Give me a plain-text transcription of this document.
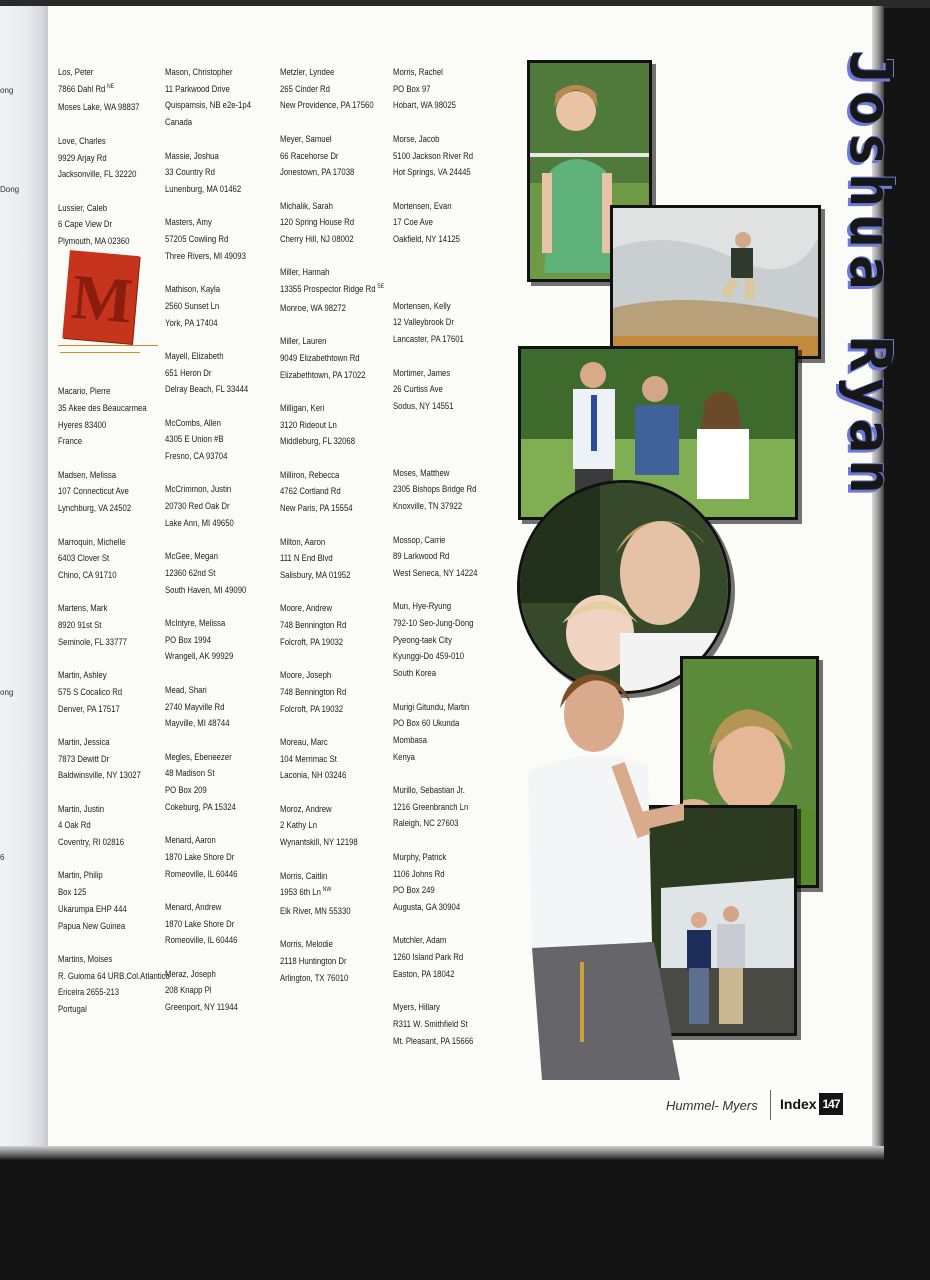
ong
Dong
ong
6
Los, Peter
7866 Dahl Rd $^{NE}$
Moses Lake, WA 98837
Love, Charles
9929 Arjay Rd
Jacksonville, FL 32220
Lussier, Caleb
6 Cape View Dr
Plymouth, MA 02360
Macario, Pierre
35 Akee des Beaucarmea
Hyeres 83400
France
Madsen, Melissa
107 Connecticut Ave
Lynchburg, VA 24502
Marroquin, Michelle
6403 Clover St
Chino, CA 91710
Martens, Mark
8920 91st St
Seminole, FL 33777
Martin, Ashley
575 S Cocalico Rd
Denver, PA 17517
Martin, Jessica
7873 Dewitt Dr
Baldwinsville, NY 13027
Martin, Justin
4 Oak Rd
Coventry, RI 02816
Martin, Philip
Box 125
Ukarumpa EHP 444
Papua New Guinea
Martins, Moises
R. Guioma 64 URB.Col.Atlantico
Ericeira 2655-213
Portugal
Mason, Christopher
11 Parkwood Drive
Quispamsis, NB e2e-1p4
Canada
Massie, Joshua
33 Country Rd
Lunenburg, MA 01462
Masters, Amy
57205 Cowling Rd
Three Rivers, MI 49093
Mathison, Kayla
2560 Sunset Ln
York, PA 17404
Mayell, Elizabeth
651 Heron Dr
Delray Beach, FL 33444
McCombs, Allen
4305 E Union #B
Fresno, CA 93704
McCrimmon, Justin
20730 Red Oak Dr
Lake Ann, MI 49650
McGee, Megan
12360 62nd St
South Haven, MI 49090
McIntyre, Melissa
PO Box 1994
Wrangell, AK 99929
Mead, Shari
2740 Mayville Rd
Mayville, MI 48744
Megles, Ebeneezer
48 Madison St
PO Box 209
Cokeburg, PA 15324
Menard, Aaron
1870 Lake Shore Dr
Romeoville, IL 60446
Menard, Andrew
1870 Lake Shore Dr
Romeoville, IL 60446
Meraz, Joseph
208 Knapp Pl
Greenport, NY 11944
Metzler, Lyndee
265 Cinder Rd
New Providence, PA 17560
Meyer, Samuel
66 Racehorse Dr
Jonestown, PA 17038
Michalik, Sarah
120 Spring House Rd
Cherry Hill, NJ 08002
Miller, Hannah
13355 Prospector Ridge Rd $^{SE}$
Monroe, WA 98272
Miller, Lauren
9049 Elizabethtown Rd
Elizabethtown, PA 17022
Milligan, Keri
3120 Rideout Ln
Middleburg, FL 32068
Milliron, Rebecca
4762 Cortland Rd
New Paris, PA 15554
Milton, Aaron
111 N End Blvd
Salisbury, MA 01952
Moore, Andrew
748 Bennington Rd
Folcroft, PA 19032
Moore, Joseph
748 Bennington Rd
Folcroft, PA 19032
Moreau, Marc
104 Merrimac St
Laconia, NH 03246
Moroz, Andrew
2 Kathy Ln
Wynantskill, NY 12198
Morris, Caitlin
1953 6th Ln $^{NW}$
Elk River, MN 55330
Morris, Melodie
2118 Huntington Dr
Arlington, TX 76010
Morris, Rachel
PO Box 97
Hobart, WA 98025
Morse, Jacob
5100 Jackson River Rd
Hot Springs, VA 24445
Mortensen, Evan
17 Coe Ave
Oakfield, NY 14125
Mortensen, Kelly
12 Valleybrook Dr
Lancaster, PA 17601
Mortimer, James
26 Curtiss Ave
Sodus, NY 14551
Moses, Matthew
2305 Bishops Bridge Rd
Knoxville, TN 37922
Mossop, Carrie
89 Larkwood Rd
West Seneca, NY 14224
Mun, Hye-Ryung
792-10 Seo-Jung-Dong
Pyeong-taek City
Kyunggi-Do 459-010
South Korea
Murigi Gitundu, Martin
PO Box 60 Ukunda
Mombasa
Kenya
Murillo, Sebastian Jr.
1216 Greenbranch Ln
Raleigh, NC 27603
Murphy, Patrick
1106 Johns Rd
PO Box 249
Augusta, GA 30904
Mutchler, Adam
1260 Island Park Rd
Easton, PA 18042
Myers, Hillary
R311 W. Smithfield St
Mt. Pleasant, PA 15666
M	Joshua Ryan
Hummel- Myers Index 147
